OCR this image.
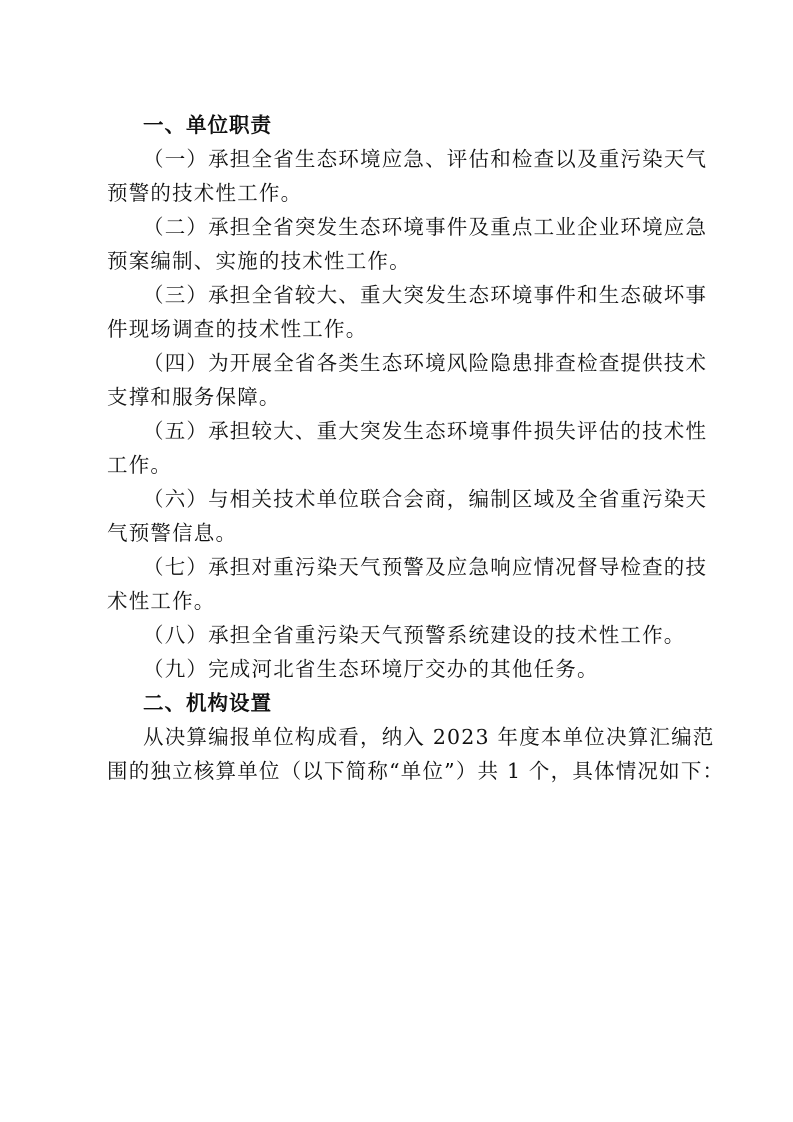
一、单位职责
（一）承担全省生态环境应急、评估和检查以及重污染天气
预警的技术性工作。
（二）承担全省突发生态环境事件及重点工业企业环境应急
预案编制、实施的技术性工作。
（三）承担全省较大、重大突发生态环境事件和生态破坏事
件现场调查的技术性工作。
（四）为开展全省各类生态环境风险隐患排查检查提供技术
支撑和服务保障。
（五）承担较大、重大突发生态环境事件损失评估的技术性
工作。
（六）与相关技术单位联合会商，编制区域及全省重污染天
气预警信息。
（七）承担对重污染天气预警及应急响应情况督导检查的技
术性工作。
（八）承担全省重污染天气预警系统建设的技术性工作。
（九）完成河北省生态环境厅交办的其他任务。
二、机构设置
从决算编报单位构成看，纳入 2023 年度本单位决算汇编范
围的独立核算单位（以下简称“单位”）共 1 个，具体情况如下：
